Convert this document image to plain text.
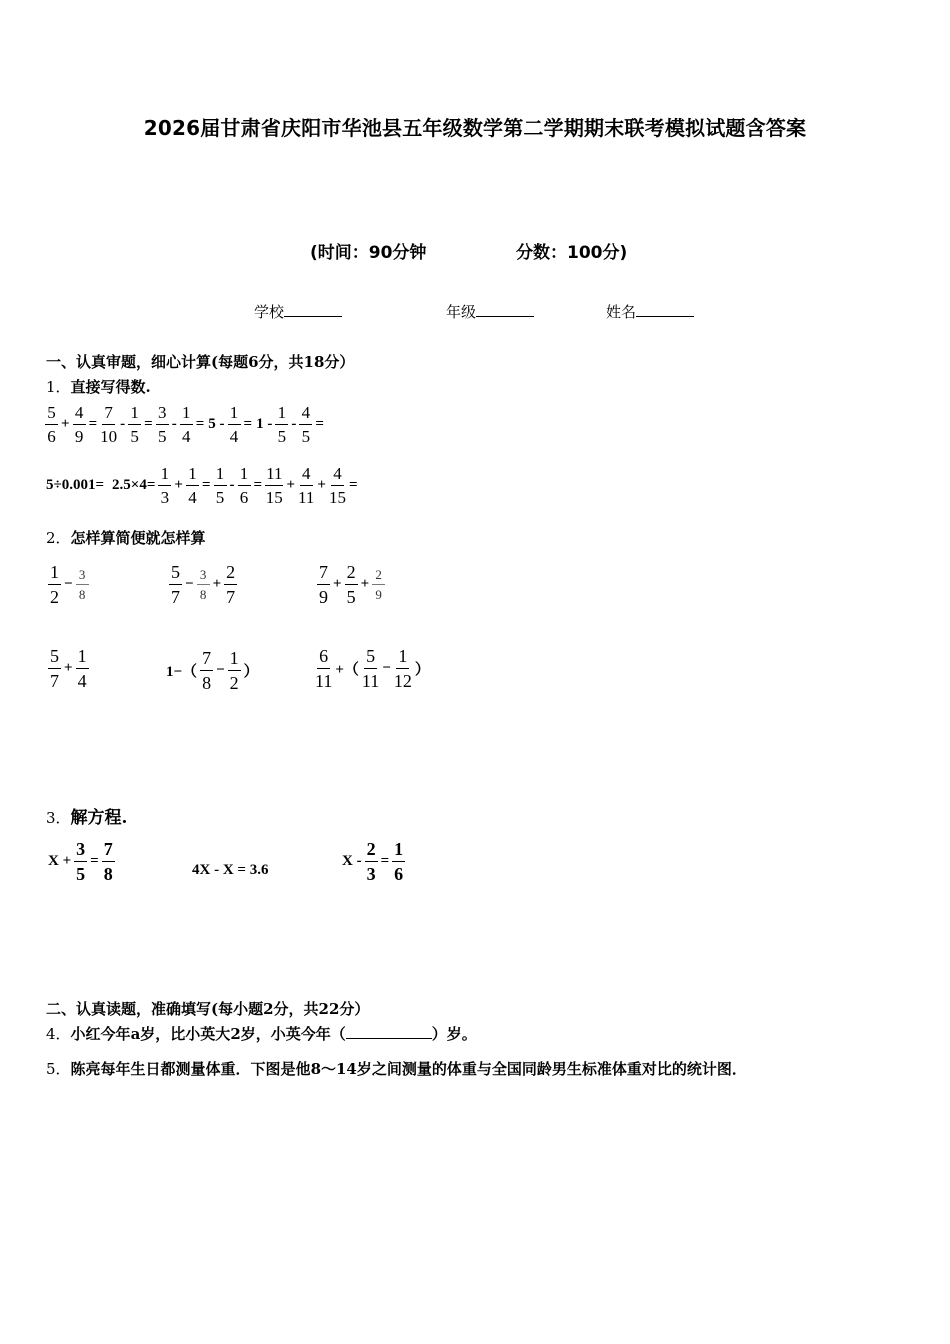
2026届甘肃省庆阳市华池县五年级数学第二学期期末联考模拟试题含答案
(时间：90分钟	分数：100分)
学校	年级	姓名
一、认真审题，细心计算(每题6分，共18分）
1．直接写得数.
$\frac{5}{6} + \frac{4}{9} = \frac{7}{10} - \frac{1}{5} = \frac{3}{5} - \frac{1}{4} = 5 - \frac{1}{4} = 1 - \frac{1}{5} - \frac{4}{5}$ =
$5\div 0.001= 2.5\times 4= \frac{1}{3} + \frac{1}{4} = \frac{1}{5} - \frac{1}{6} = \frac{11}{15} + \frac{4}{11} + \frac{4}{15}$ =
2．怎样算简便就怎样算
$\frac{1}{2} - \frac{3}{8}$	$\frac{5}{7} - \frac{3}{8} + \frac{2}{7}$	$\frac{7}{9} + \frac{2}{5} + \frac{2}{9}$
$\frac{5}{7} + \frac{1}{4}$	$1-( \frac{7}{8} - \frac{1}{2}$ ）	$\frac{6}{11}$ +（ $\frac{5}{11} - \frac{1}{12}$ ）
3．解方程.
$X + \frac{3}{5} = \frac{7}{8}$	4X - X = 3.6
$X - \frac{2}{3} = \frac{1}{6}$
二、认真读题，准确填写(每小题2分，共22分）
4．小红今年a岁，比小英大2岁，小英今年（	）岁。
5．陈亮每年生日都测量体重．下图是他8～14岁之间测量的体重与全国同龄男生标准体重对比的统计图．
